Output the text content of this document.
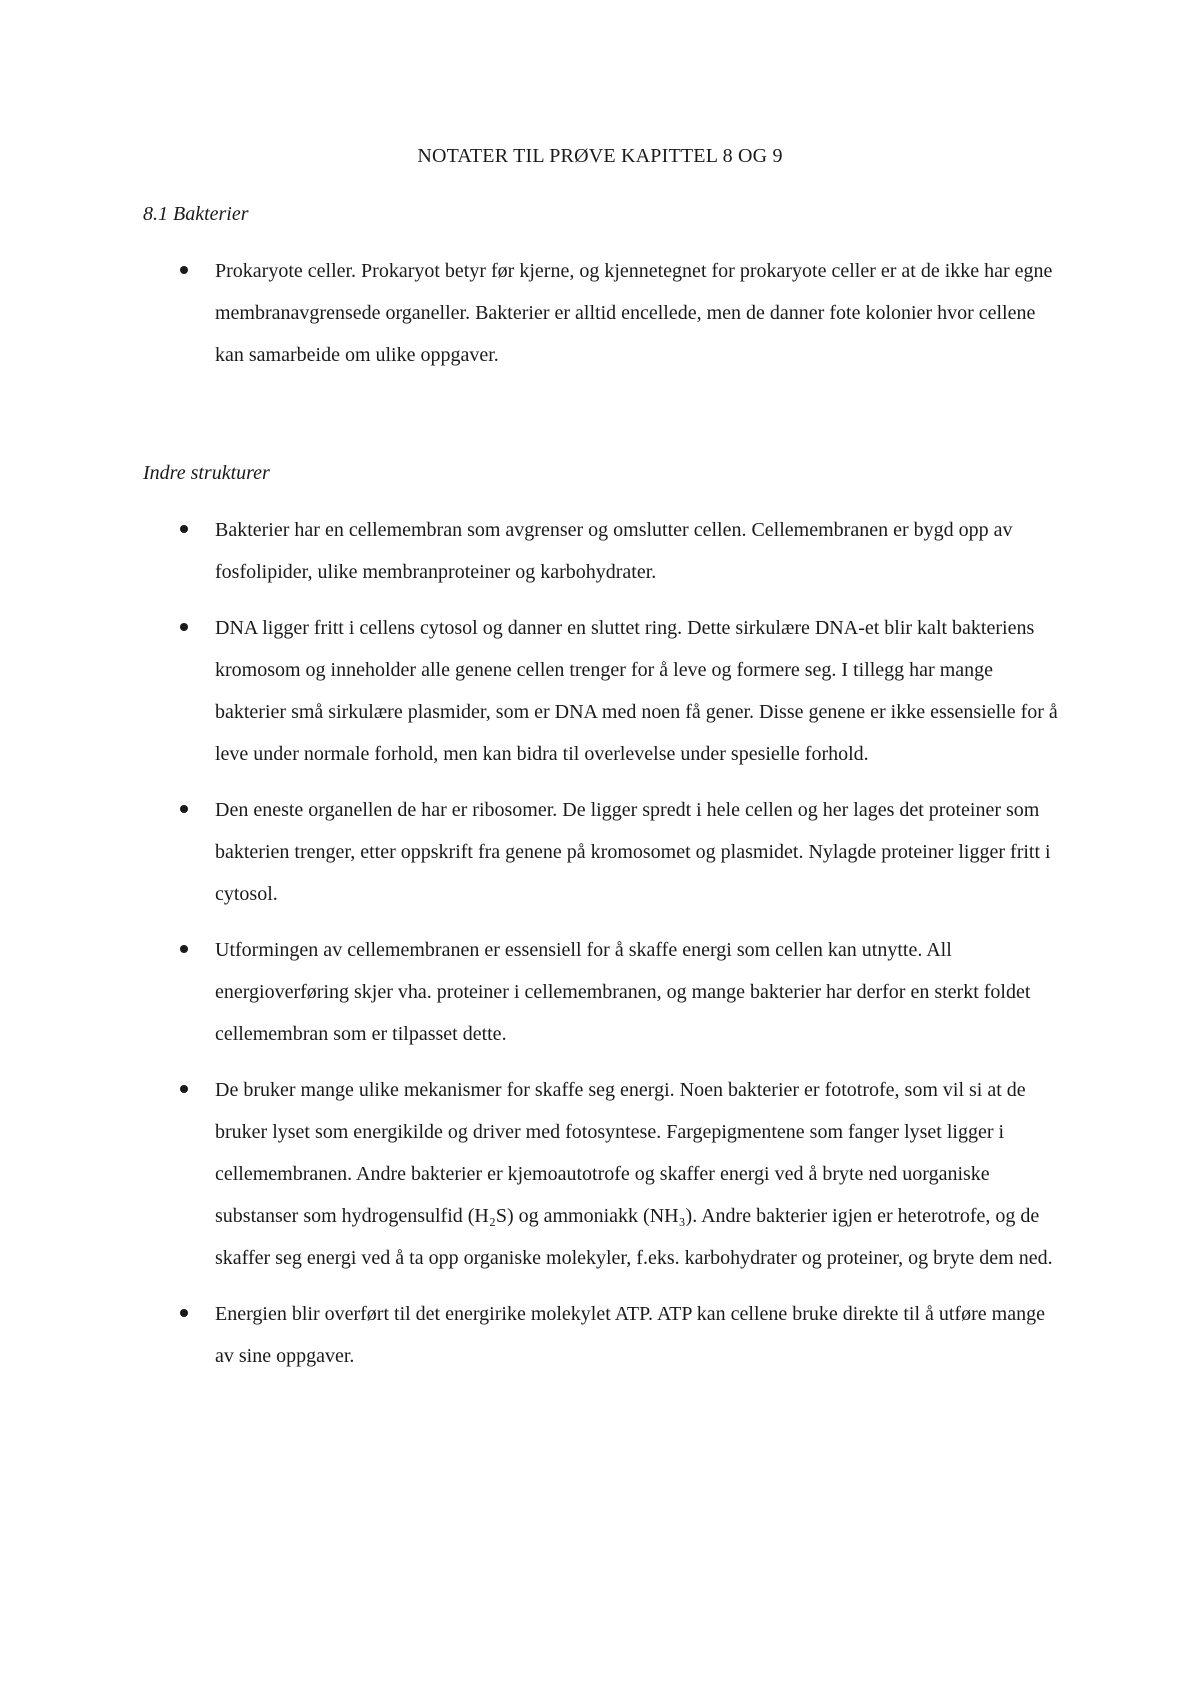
NOTATER TIL PRØVE KAPITTEL 8 OG 9
8.1 Bakterier
Prokaryote celler. Prokaryot betyr før kjerne, og kjennetegnet for prokaryote celler er at de ikke har egne membranavgrensede organeller. Bakterier er alltid encellede, men de danner fote kolonier hvor cellene kan samarbeide om ulike oppgaver.
Indre strukturer
Bakterier har en cellemembran som avgrenser og omslutter cellen. Cellemembranen er bygd opp av fosfolipider, ulike membranproteiner og karbohydrater.
DNA ligger fritt i cellens cytosol og danner en sluttet ring. Dette sirkulære DNA-et blir kalt bakteriens kromosom og inneholder alle genene cellen trenger for å leve og formere seg. I tillegg har mange bakterier små sirkulære plasmider, som er DNA med noen få gener. Disse genene er ikke essensielle for å leve under normale forhold, men kan bidra til overlevelse under spesielle forhold.
Den eneste organellen de har er ribosomer. De ligger spredt i hele cellen og her lages det proteiner som bakterien trenger, etter oppskrift fra genene på kromosomet og plasmidet. Nylagde proteiner ligger fritt i cytosol.
Utformingen av cellemembranen er essensiell for å skaffe energi som cellen kan utnytte. All energioverføring skjer vha. proteiner i cellemembranen, og mange bakterier har derfor en sterkt foldet cellemembran som er tilpasset dette.
De bruker mange ulike mekanismer for skaffe seg energi. Noen bakterier er fototrofe, som vil si at de bruker lyset som energikilde og driver med fotosyntese. Fargepigmentene som fanger lyset ligger i cellemembranen. Andre bakterier er kjemoautotrofe og skaffer energi ved å bryte ned uorganiske substanser som hydrogensulfid (H₂S) og ammoniakk (NH₃). Andre bakterier igjen er heterotrofe, og de skaffer seg energi ved å ta opp organiske molekyler, f.eks. karbohydrater og proteiner, og bryte dem ned.
Energien blir overført til det energirike molekylet ATP. ATP kan cellene bruke direkte til å utføre mange av sine oppgaver.
